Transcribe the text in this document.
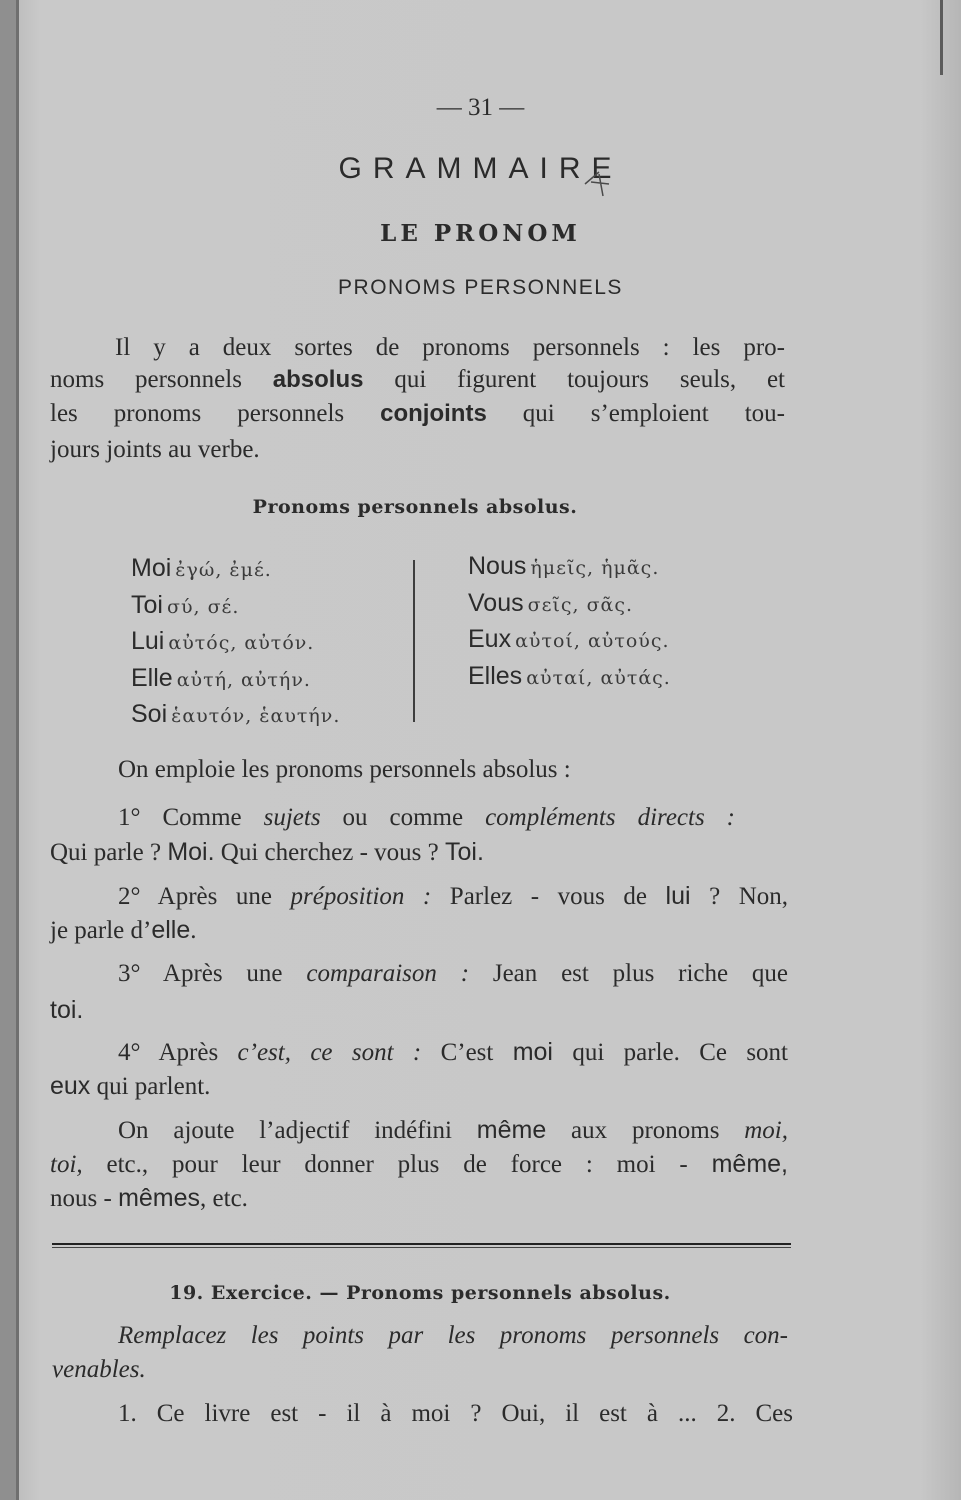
— 31 —
GRAMMAIRE
LE PRONOM
PRONOMS PERSONNELS
Il y a deux sortes de pronoms personnels : les pro-
noms personnels absolus qui figurent toujours seuls, et
les pronoms personnels conjoints qui s’emploient tou-
jours joints au verbe.
Pronoms personnels absolus.
Moi ἐγώ, ἐμέ.
Toi σύ, σέ.
Lui αὐτός, αὐτόν.
Elle αὐτή, αὐτήν.
Soi ἑαυτόν, ἑαυτήν.
Nous ἡμεῖς, ἡμᾶς.
Vous σεῖς, σᾶς.
Eux αὐτοί, αὐτούς.
Elles αὐταί, αὐτάς.
On emploie les pronoms personnels absolus :
1° Comme sujets ou comme compléments directs :
Qui parle ? Moi. Qui cherchez - vous ? Toi.
2° Après une préposition : Parlez - vous de lui ? Non,
je parle d’elle.
3° Après une comparaison : Jean est plus riche que
toi.
4° Après c’est, ce sont : C’est moi qui parle. Ce sont
eux qui parlent.
On ajoute l’adjectif indéfini même aux pronoms moi,
toi, etc., pour leur donner plus de force : moi - même,
nous - mêmes, etc.
19. Exercice. — Pronoms personnels absolus.
Remplacez les points par les pronoms personnels con-
venables.
1. Ce livre est - il à moi ? Oui, il est à ... 2. Ces
